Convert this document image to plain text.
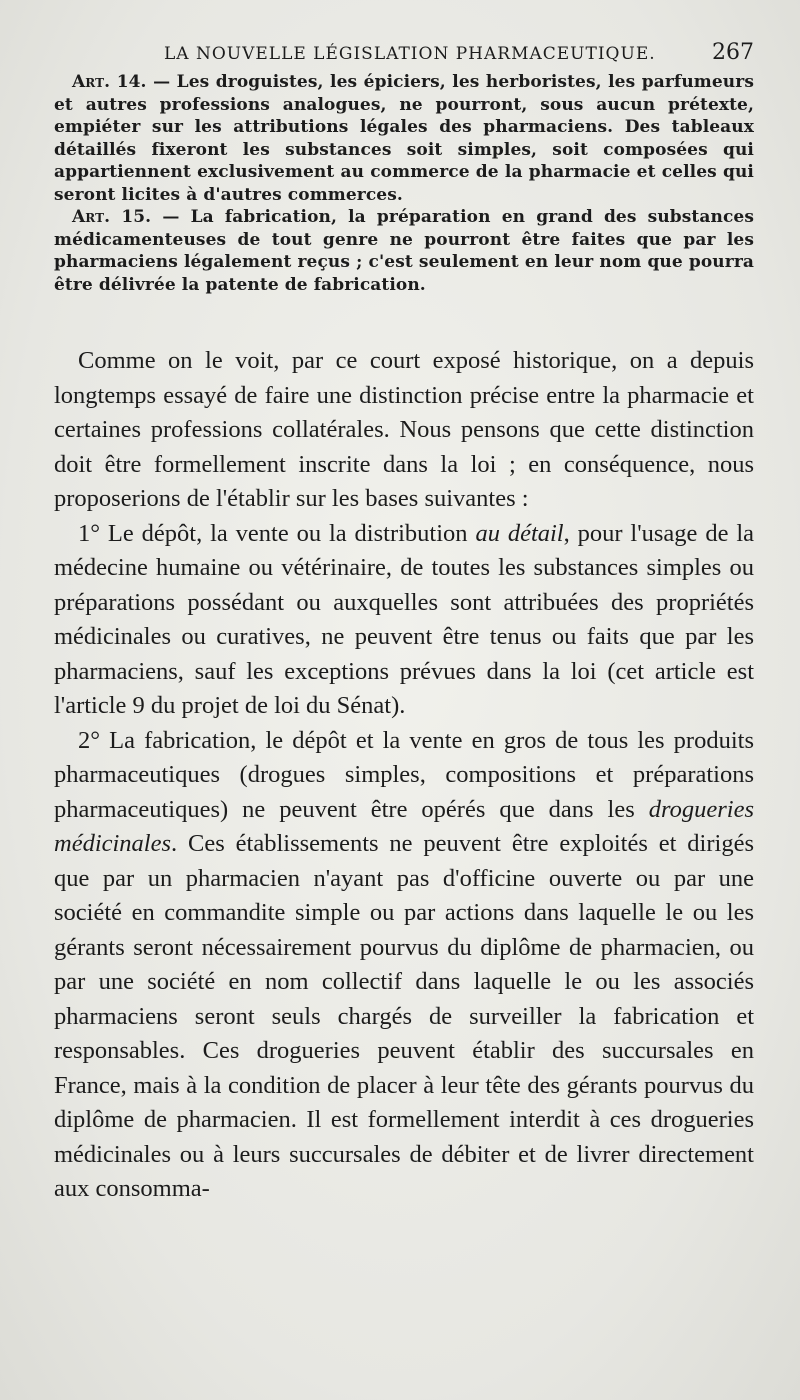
LA NOUVELLE LÉGISLATION PHARMACEUTIQUE.	267

Art. 14. — Les droguistes, les épiciers, les herboristes, les parfumeurs et autres professions analogues, ne pourront, sous aucun prétexte, empiéter sur les attributions légales des pharmaciens. Des tableaux détaillés fixeront les substances soit simples, soit composées qui appartiennent exclusivement au commerce de la pharmacie et celles qui seront licites à d'autres commerces.

Art. 15. — La fabrication, la préparation en grand des substances médicamenteuses de tout genre ne pourront être faites que par les pharmaciens légalement reçus ; c'est seulement en leur nom que pourra être délivrée la patente de fabrication.

Comme on le voit, par ce court exposé historique, on a depuis longtemps essayé de faire une distinction précise entre la pharmacie et certaines professions collatérales. Nous pensons que cette distinction doit être formellement inscrite dans la loi ; en conséquence, nous proposerions de l'établir sur les bases suivantes :

1° Le dépôt, la vente ou la distribution au détail, pour l'usage de la médecine humaine ou vétérinaire, de toutes les substances simples ou préparations possédant ou auxquelles sont attribuées des propriétés médicinales ou curatives, ne peuvent être tenus ou faits que par les pharmaciens, sauf les exceptions prévues dans la loi (cet article est l'article 9 du projet de loi du Sénat).

2° La fabrication, le dépôt et la vente en gros de tous les produits pharmaceutiques (drogues simples, compositions et préparations pharmaceutiques) ne peuvent être opérés que dans les drogueries médicinales. Ces établissements ne peuvent être exploités et dirigés que par un pharmacien n'ayant pas d'officine ouverte ou par une société en commandite simple ou par actions dans laquelle le ou les gérants seront nécessairement pourvus du diplôme de pharmacien, ou par une société en nom collectif dans laquelle le ou les associés pharmaciens seront seuls chargés de surveiller la fabrication et responsables. Ces drogueries peuvent établir des succursales en France, mais à la condition de placer à leur tête des gérants pourvus du diplôme de pharmacien. Il est formellement interdit à ces drogueries médicinales ou à leurs succursales de débiter et de livrer directement aux consomma-
